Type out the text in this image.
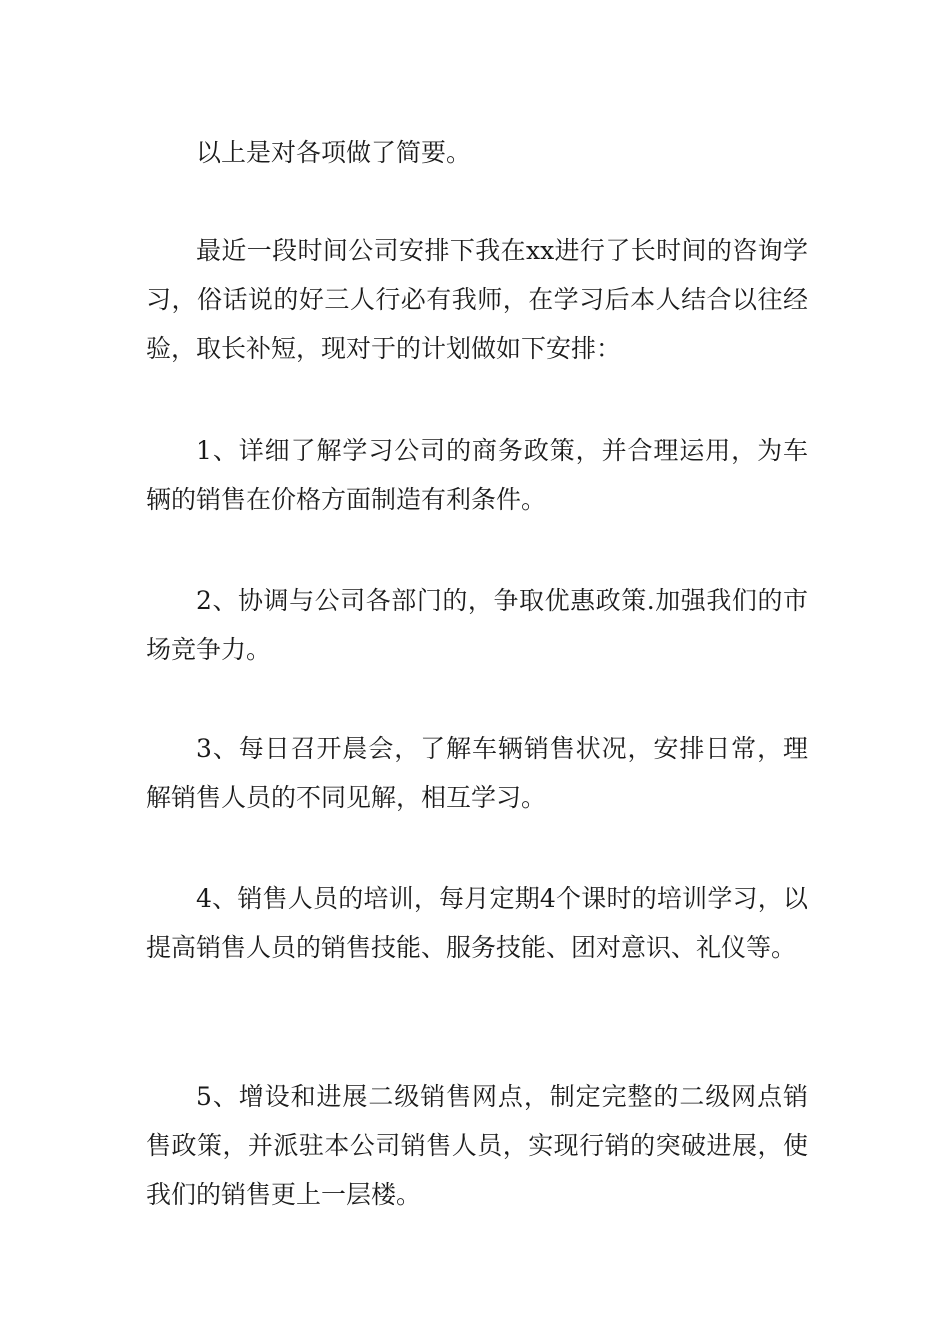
以上是对各项做了简要。

最近一段时间公司安排下我在xx进行了长时间的咨询学习，俗话说的好三人行必有我师，在学习后本人结合以往经验，取长补短，现对于的计划做如下安排：

1、详细了解学习公司的商务政策，并合理运用，为车辆的销售在价格方面制造有利条件。

2、协调与公司各部门的，争取优惠政策.加强我们的市场竞争力。

3、每日召开晨会，了解车辆销售状况，安排日常，理解销售人员的不同见解，相互学习。

4、销售人员的培训，每月定期4个课时的培训学习，以提高销售人员的销售技能、服务技能、团对意识、礼仪等。

5、增设和进展二级销售网点，制定完整的二级网点销售政策，并派驻本公司销售人员，实现行销的突破进展，使我们的销售更上一层楼。
